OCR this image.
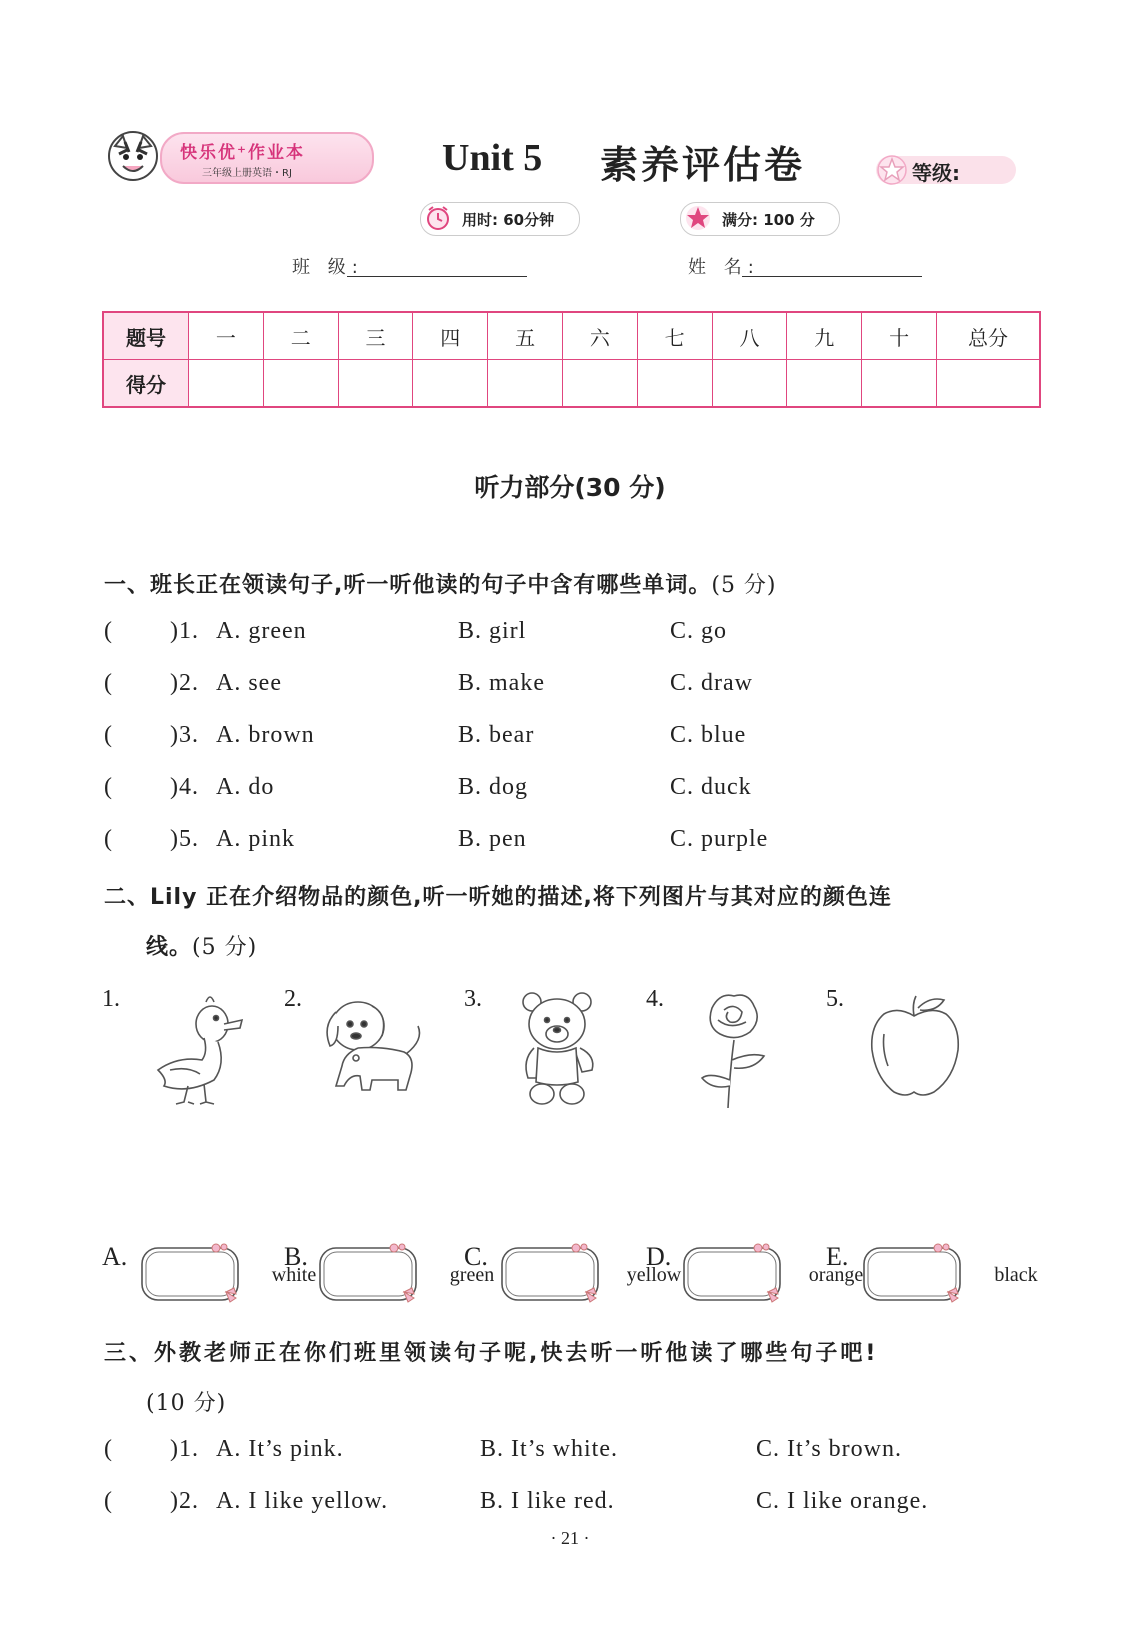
快乐优⁺作业本
三年级上册英语・RJ	Unit 5 素养评估卷	等级:
用时: 60分钟	满分: 100 分
班 级:	姓 名:
题号	一	二	三	四	五	六	七	八	九	十	总分
得分											
听力部分(30 分)
一、班长正在领读句子,听一听他读的句子中含有哪些单词。(5 分)
( )1. A. green	B. girl	C. go
( )2. A. see	B. make	C. draw
( )3. A. brown	B. bear	C. blue
( )4. A. do	B. dog	C. duck
( )5. A. pink	B. pen	C. purple
二、Lily 正在介绍物品的颜色,听一听她的描述,将下列图片与其对应的颜色连
线。(5 分)
1.	2.	3.	4.	5.
A.
white
B.
green
C.
yellow
D.
orange
E.
black
三、外教老师正在你们班里领读句子呢,快去听一听他读了哪些句子吧!
(10 分)
( )1. A. It’s pink.	B. It’s white.	C. It’s brown.
( )2. A. I like yellow.	B. I like red.	C. I like orange.
· 21 ·
